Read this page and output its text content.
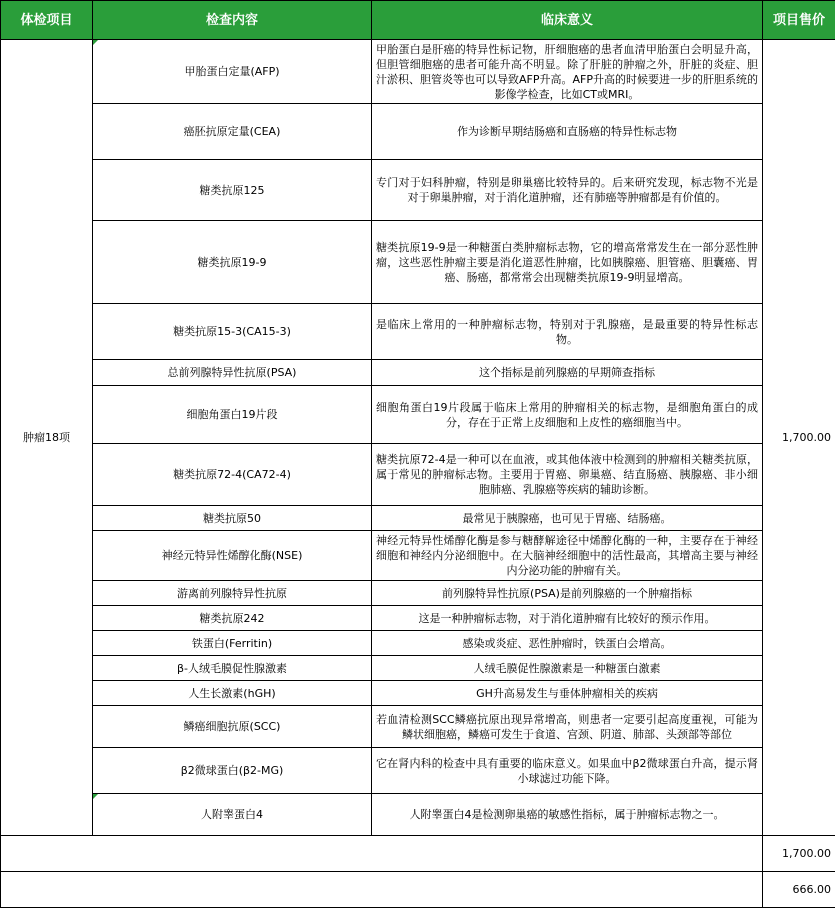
体检项目	检查内容	临床意义	项目售价
肿瘤18项	甲胎蛋白定量(AFP)	甲胎蛋白是肝癌的特异性标记物，肝细胞癌的患者血清甲胎蛋白会明显升高，但胆管细胞癌的患者可能升高不明显。除了肝脏的肿瘤之外，肝脏的炎症、胆汁淤积、胆管炎等也可以导致AFP升高。AFP升高的时候要进一步的肝胆系统的影像学检查，比如CT或MRI。	1,700.00
	癌胚抗原定量(CEA)	作为诊断早期结肠癌和直肠癌的特异性标志物	
	糖类抗原125	专门对于妇科肿瘤，特别是卵巢癌比较特异的。后来研究发现，标志物不光是对于卵巢肿瘤，对于消化道肿瘤，还有肺癌等肿瘤都是有价值的。	
	糖类抗原19-9	糖类抗原19-9是一种糖蛋白类肿瘤标志物，它的增高常常发生在一部分恶性肿瘤，这些恶性肿瘤主要是消化道恶性肿瘤，比如胰腺癌、胆管癌、胆囊癌、胃癌、肠癌，都常常会出现糖类抗原19-9明显增高。	
	糖类抗原15-3(CA15-3)	是临床上常用的一种肿瘤标志物，特别对于乳腺癌，是最重要的特异性标志物。	
	总前列腺特异性抗原(PSA)	这个指标是前列腺癌的早期筛查指标	
	细胞角蛋白19片段	细胞角蛋白19片段属于临床上常用的肿瘤相关的标志物，是细胞角蛋白的成分，存在于正常上皮细胞和上皮性的癌细胞当中。	
	糖类抗原72-4(CA72-4)	糖类抗原72-4是一种可以在血液，或其他体液中检测到的肿瘤相关糖类抗原，属于常见的肿瘤标志物。主要用于胃癌、卵巢癌、结直肠癌、胰腺癌、非小细胞肺癌、乳腺癌等疾病的辅助诊断。	
	糖类抗原50	最常见于胰腺癌，也可见于胃癌、结肠癌。	
	神经元特异性烯醇化酶(NSE)	神经元特异性烯醇化酶是参与糖酵解途径中烯醇化酶的一种，主要存在于神经细胞和神经内分泌细胞中。在大脑神经细胞中的活性最高，其增高主要与神经内分泌功能的肿瘤有关。	
	游离前列腺特异性抗原	前列腺特异性抗原(PSA)是前列腺癌的一个肿瘤指标	
	糖类抗原242	这是一种肿瘤标志物，对于消化道肿瘤有比较好的预示作用。	
	铁蛋白(Ferritin)	感染或炎症、恶性肿瘤时，铁蛋白会增高。	
	β-人绒毛膜促性腺激素	人绒毛膜促性腺激素是一种糖蛋白激素	
	人生长激素(hGH)	GH升高易发生与垂体肿瘤相关的疾病	
	鳞癌细胞抗原(SCC)	若血清检测SCC鳞癌抗原出现异常增高，则患者一定要引起高度重视，可能为鳞状细胞癌，鳞癌可发生于食道、宫颈、阴道、肺部、头颈部等部位	
	β2微球蛋白(β2-MG)	它在肾内科的检查中具有重要的临床意义。如果血中β2微球蛋白升高，提示肾小球滤过功能下降。	
	人附睾蛋白4	人附睾蛋白4是检测卵巢癌的敏感性指标，属于肿瘤标志物之一。	
			1,700.00
			666.00
